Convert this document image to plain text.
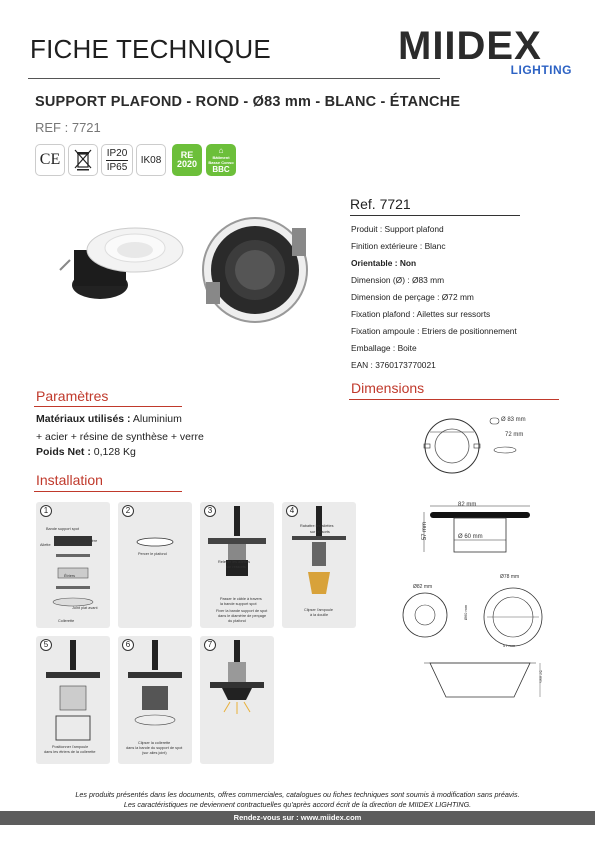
FICHE TECHNIQUE	MIIDEX
LIGHTING
SUPPORT PLAFOND - ROND - Ø83 mm - BLANC - ÉTANCHE
REF : 7721
CE	IP20
IP65
IK08 RE
2020
⌂
Bâtiment Basse Conso
BBC
Ref. 7721
Produit : Support plafond
Finition extérieure : Blanc
Orientable : Non
Dimension (Ø) : Ø83 mm
Dimension de perçage : Ø72 mm
Fixation plafond : Ailettes sur ressorts
Fixation ampoule : Etriers de positionnement
Emballage : Boite
EAN : 3760173770021
Paramètres
Matériaux utilisés : Aluminium
+ acier + résine de synthèse + verre
Poids Net : 0,128 Kg
Dimensions
Ø 83 mm
72 mm
82 mm
57 mm	Ø 60 mm
Ø82 mm
Ø78 mm
Ø60 mm
57 mm
57 mm
Installation
1
Bande support spot
Ailette
Joint plat arrière
Étriers
Joint plat avant
Collerette
2
Percer le plafond
3
Relever les ailettes
sur ressorts
Passer le câble à travers
la bande support spot
Fixer la bande support de spot
dans le diamètre de perçage
du plafond
4
Rabattre les ailettes
sur ressorts
Clipser l'ampoule
à la douille
5
Positionner l'ampoule
dans les étriers de la collerette
6
Clipser la collerette
dans la bande du support de spot
(sur ailes joint)
7
Les produits présentés dans les documents, offres commerciales, catalogues ou fiches techniques sont soumis à modification sans préavis.
Les caractéristiques ne deviennent contractuelles qu'après accord écrit de la direction de MIIDEX LIGHTING.
Rendez-vous sur : www.miidex.com
